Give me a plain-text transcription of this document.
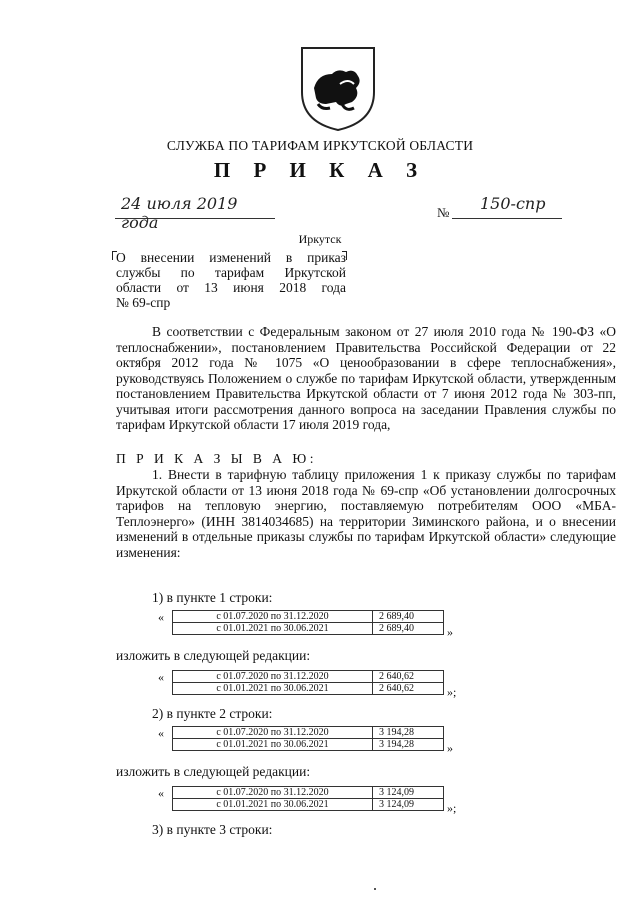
СЛУЖБА ПО ТАРИФАМ ИРКУТСКОЙ ОБЛАСТИ
П Р И К А З
24 июля 2019 года
№ 150-спр
Иркутск
О внесении изменений в приказ
службы по тарифам Иркутской
области от 13 июня 2018 года
№ 69-спр
В соответствии с Федеральным законом от 27 июля 2010 года № 190-ФЗ «О теплоснабжении», постановлением Правительства Российской Федерации от 22 октября 2012 года № 1075 «О ценообразовании в сфере теплоснабжения», руководствуясь Положением о службе по тарифам Иркутской области, утвержденным постановлением Правительства Иркутской области от 7 июня 2012 года № 303-пп, учитывая итоги рассмотрения данного вопроса на заседании Правления службы по тарифам Иркутской области 17 июля 2019 года,
П Р И К А З Ы В А Ю:
1. Внести в тарифную таблицу приложения 1 к приказу службы по тарифам Иркутской области от 13 июня 2018 года № 69-спр «Об установлении долгосрочных тарифов на тепловую энергию, поставляемую потребителям ООО «МБА-Теплоэнерго» (ИНН 3814034685) на территории Зиминского района, и о внесении изменений в отдельные приказы службы по тарифам Иркутской области» следующие изменения:
1) в пункте 1 строки:
«	с 01.07.2020 по 31.12.2020	2 689,40
с 01.01.2021 по 30.06.2021	2 689,40	»
изложить в следующей редакции:
«	с 01.07.2020 по 31.12.2020	2 640,62
с 01.01.2021 по 30.06.2021	2 640,62	»;
2) в пункте 2 строки:
«	с 01.07.2020 по 31.12.2020	3 194,28
с 01.01.2021 по 30.06.2021	3 194,28	»
изложить в следующей редакции:
«	с 01.07.2020 по 31.12.2020	3 124,09
с 01.01.2021 по 30.06.2021	3 124,09	»;
3) в пункте 3 строки:
